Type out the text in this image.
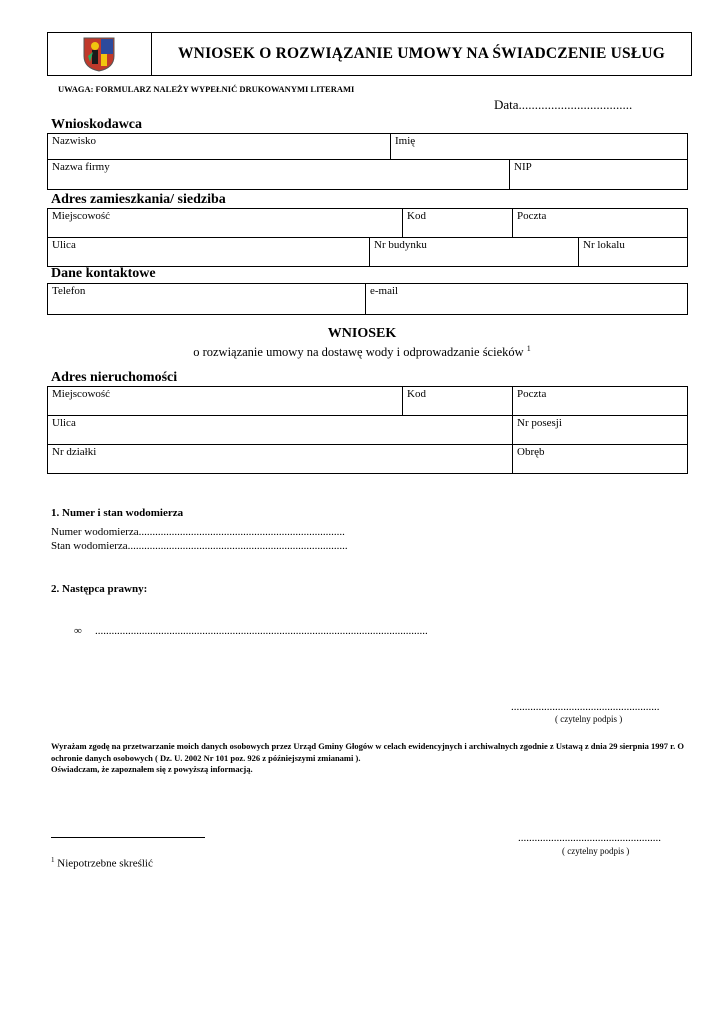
WNIOSEK O ROZWIĄZANIE UMOWY NA ŚWIADCZENIE USŁUG
UWAGA: FORMULARZ NALEŻY WYPEŁNIĆ DRUKOWANYMI LITERAMI
Data...................................
Wnioskodawca
Nazwisko	Imię	
Nazwa firmy		NIP
Adres zamieszkania/ siedziba
Miejscowość		Kod	Poczta	
Ulica	Nr budynku			Nr lokalu
Dane kontaktowe
Telefon	e-mail
WNIOSEK
o rozwiązanie umowy na dostawę wody i odprowadzanie ścieków $^1$
Adres nieruchomości
Miejscowość	Kod	Poczta
Ulica		Nr posesji
Nr działki		Obręb
1. Numer i stan wodomierza
Numer wodomierza...........................................................................
Stan wodomierza................................................................................
2. Następca prawny:
∞ .........................................................................................................................
......................................................
( czytelny podpis )
Wyrażam zgodę na przetwarzanie moich danych osobowych przez Urząd Gminy Głogów w celach ewidencyjnych i archiwalnych zgodnie z Ustawą z dnia 29 sierpnia 1997 r. O ochronie danych osobowych ( Dz. U. 2002 Nr 101 poz. 926 z późniejszymi zmianami ).
Oświadczam, że zapoznałem się z powyższą informacją.
....................................................
( czytelny podpis )
$^1$ Niepotrzebne skreślić
